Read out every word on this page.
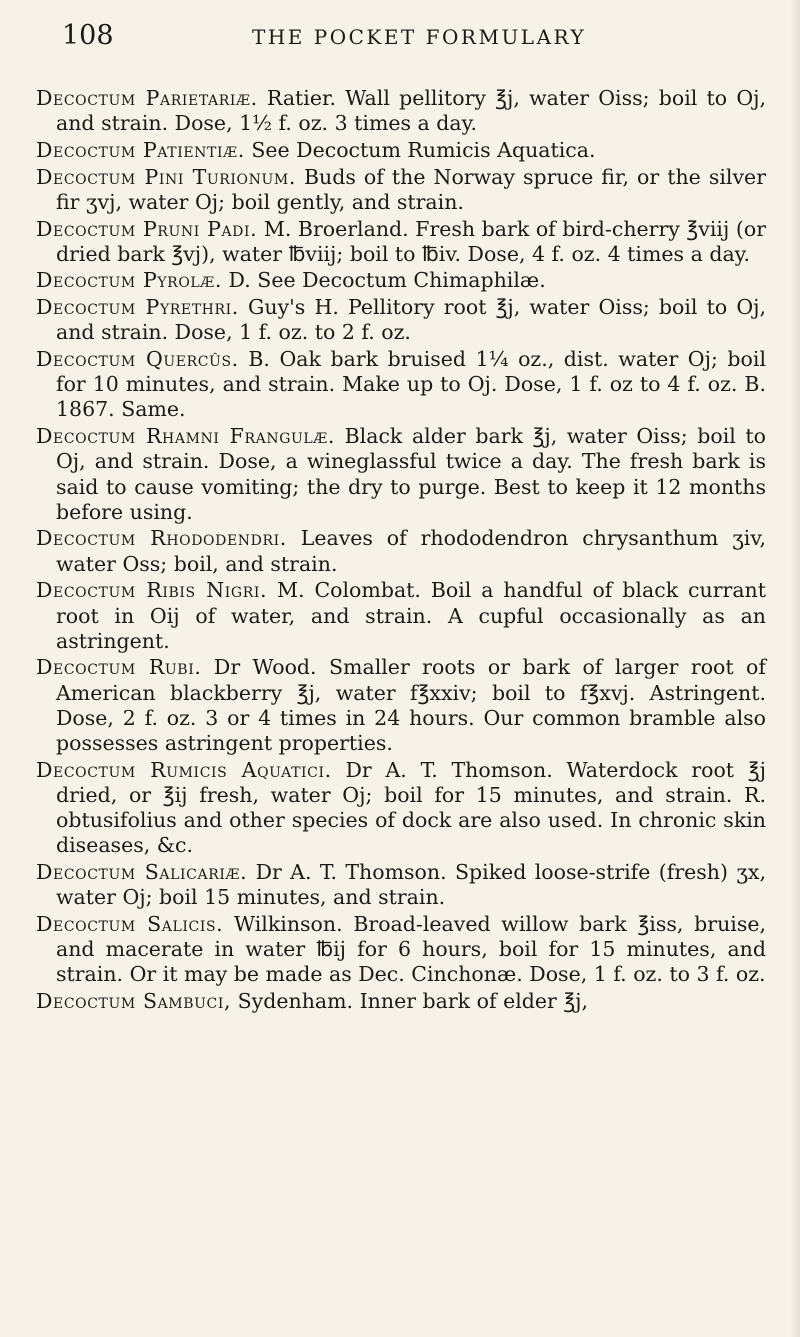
108	THE POCKET FORMULARY

Decoctum Parietariæ. Ratier. Wall pellitory ℥j, water Oiss; boil to Oj, and strain. Dose, 1½ f. oz. 3 times a day.

Decoctum Patientiæ. See Decoctum Rumicis Aquatica.

Decoctum Pini Turionum. Buds of the Norway spruce fir, or the silver fir ʒvj, water Oj; boil gently, and strain.

Decoctum Pruni Padi. M. Broerland. Fresh bark of bird-cherry ℥viij (or dried bark ℥vj), water ℔viij; boil to ℔iv. Dose, 4 f. oz. 4 times a day.

Decoctum Pyrolæ. D. See Decoctum Chimaphilæ.

Decoctum Pyrethri. Guy's H. Pellitory root ℥j, water Oiss; boil to Oj, and strain. Dose, 1 f. oz. to 2 f. oz.

Decoctum Quercûs. B. Oak bark bruised 1¼ oz., dist. water Oj; boil for 10 minutes, and strain. Make up to Oj. Dose, 1 f. oz to 4 f. oz. B. 1867. Same.

Decoctum Rhamni Frangulæ. Black alder bark ℥j, water Oiss; boil to Oj, and strain. Dose, a wineglassful twice a day. The fresh bark is said to cause vomiting; the dry to purge. Best to keep it 12 months before using.

Decoctum Rhododendri. Leaves of rhododendron chrysanthum ʒiv, water Oss; boil, and strain.

Decoctum Ribis Nigri. M. Colombat. Boil a handful of black currant root in Oij of water, and strain. A cupful occasionally as an astringent.

Decoctum Rubi. Dr Wood. Smaller roots or bark of larger root of American blackberry ℥j, water f℥xxiv; boil to f℥xvj. Astringent. Dose, 2 f. oz. 3 or 4 times in 24 hours. Our common bramble also possesses astringent properties.

Decoctum Rumicis Aquatici. Dr A. T. Thomson. Waterdock root ℥j dried, or ℥ij fresh, water Oj; boil for 15 minutes, and strain. R. obtusifolius and other species of dock are also used. In chronic skin diseases, &c.

Decoctum Salicariæ. Dr A. T. Thomson. Spiked loose-strife (fresh) ʒx, water Oj; boil 15 minutes, and strain.

Decoctum Salicis. Wilkinson. Broad-leaved willow bark ℥iss, bruise, and macerate in water ℔ij for 6 hours, boil for 15 minutes, and strain. Or it may be made as Dec. Cinchonæ. Dose, 1 f. oz. to 3 f. oz.

Decoctum Sambuci, Sydenham. Inner bark of elder ℥j,
